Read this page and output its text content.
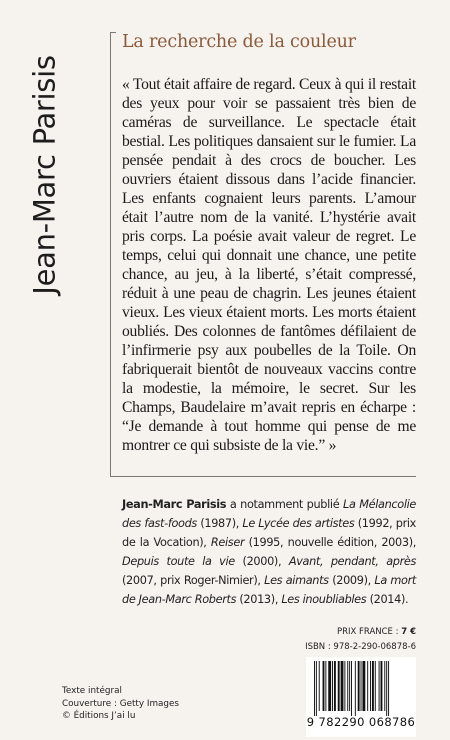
Jean-Marc Parisis
La recherche de la couleur

« Tout était affaire de regard. Ceux à qui il restait des yeux pour voir se passaient très bien de caméras de surveillance. Le spectacle était bestial. Les politiques dansaient sur le fumier. La pensée pendait à des crocs de boucher. Les ouvriers étaient dissous dans l’acide financier. Les enfants cognaient leurs parents. L’amour était l’autre nom de la vanité. L’hystérie avait pris corps. La poésie avait valeur de regret. Le temps, celui qui donnait une chance, une petite chance, au jeu, à la liberté, s’était compressé, réduit à une peau de chagrin. Les jeunes étaient vieux. Les vieux étaient morts. Les morts étaient oubliés. Des colonnes de fantômes défilaient de l’infirmerie psy aux poubelles de la Toile. On fabriquerait bientôt de nouveaux vaccins contre la modestie, la mémoire, le secret. Sur les Champs, Baudelaire m’avait repris en écharpe : “Je demande à tout homme qui pense de me montrer ce qui subsiste de la vie.” »

Jean-Marc Parisis a notamment publié La Mélancolie des fast-foods (1987), Le Lycée des artistes (1992, prix de la Vocation), Reiser (1995, nouvelle édition, 2003), Depuis toute la vie (2000), Avant, pendant, après (2007, prix Roger-Nimier), Les aimants (2009), La mort de Jean-Marc Roberts (2013), Les inoubliables (2014).

PRIX FRANCE : 7 €
ISBN : 978-2-290-06878-6
9 782290 068786
Texte intégral
Couverture : Getty Images
© Éditions J’ai lu
